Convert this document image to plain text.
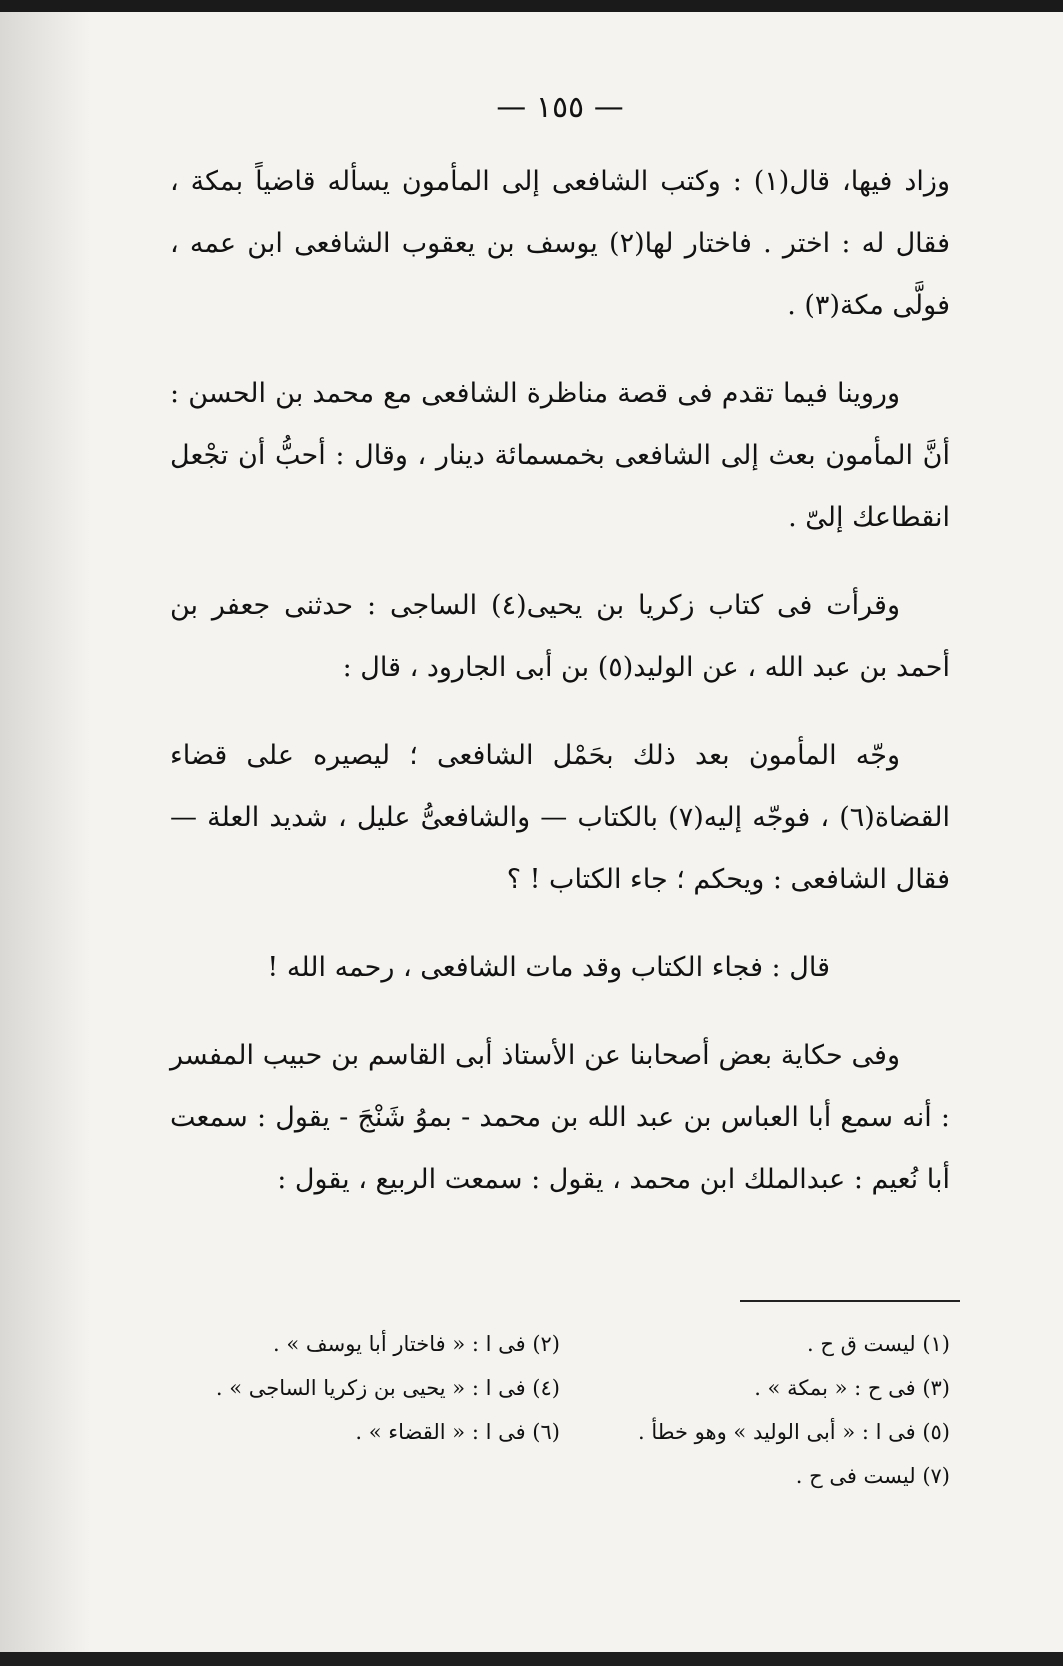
— ١٥٥ —

وزاد فيها، قال(١) : وكتب الشافعى إلى المأمون يسأله قاضياً بمكة ، فقال له : اختر . فاختار لها(٢) يوسف بن يعقوب الشافعى ابن عمه ، فولَّى مكة(٣) .

وروينا فيما تقدم فى قصة مناظرة الشافعى مع محمد بن الحسن : أنَّ المأمون بعث إلى الشافعى بخمسمائة دينار ، وقال : أحبُّ أن تجْعل انقطاعك إلىّ .

وقرأت فى كتاب زكريا بن يحيى(٤) الساجى : حدثنى جعفر بن أحمد بن عبد الله ، عن الوليد(٥) بن أبى الجارود ، قال :

وجّه المأمون بعد ذلك بحَمْل الشافعى ؛ ليصيره على قضاء القضاة(٦) ، فوجّه إليه(٧) بالكتاب — والشافعىُّ عليل ، شديد العلة — فقال الشافعى : ويحكم ؛ جاء الكتاب ! ؟

قال : فجاء الكتاب وقد مات الشافعى ، رحمه الله !

وفى حكاية بعض أصحابنا عن الأستاذ أبى القاسم بن حبيب المفسر : أنه سمع أبا العباس بن عبد الله بن محمد - بموُ شَنْجَ - يقول : سمعت أبا نُعيم : عبدالملك ابن محمد ، يقول : سمعت الربيع ، يقول :

(١) ليست ق ح .
(٢) فى ا : « فاختار أبا يوسف » .
(٣) فى ح : « بمكة » .
(٤) فى ا : « يحيى بن زكريا الساجى » .
(٥) فى ا : « أبى الوليد » وهو خطأ .
(٦) فى ا : « القضاء » .
(٧) ليست فى ح .
